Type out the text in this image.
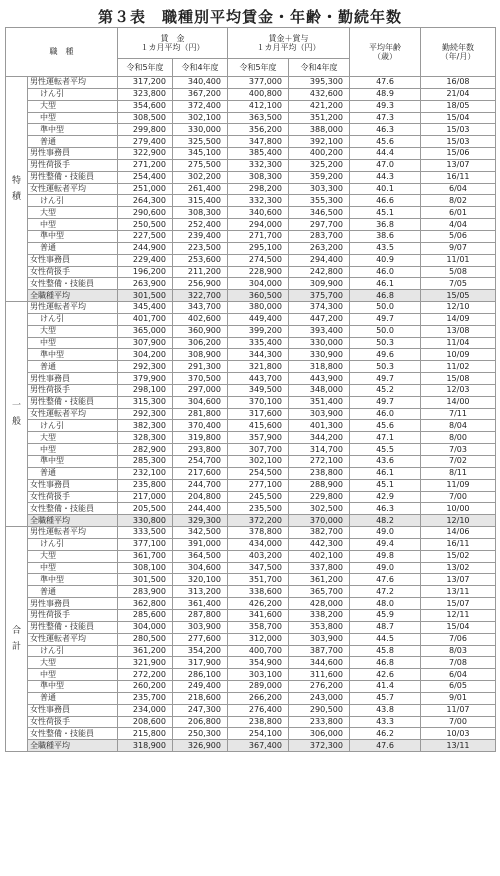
第３表　職種別平均賃金・年齢・勤続年数
職　種		賃　金
１カ月平均（円）		賃金＋賞与
１カ月平均（円）		平均年齢
（歳）	勤続年数
（年/月）
		令和5年度	令和4年度	令和5年度	令和4年度		
特
積	男性運転者平均	317,200	340,400	377,000	395,300	47.6	16/08
	けん引	323,800	367,200	400,800	432,600	48.9	21/04
	大型	354,600	372,400	412,100	421,200	49.3	18/05
	中型	308,500	302,100	363,500	351,200	47.3	15/04
	準中型	299,800	330,000	356,200	388,000	46.3	15/03
	普通	279,400	325,500	347,800	392,100	45.6	15/03
	男性事務員	322,900	345,100	385,400	400,200	44.4	15/06
	男性荷扱手	271,200	275,500	332,300	325,200	47.0	13/07
	男性整備・技能員	254,400	302,200	308,300	359,200	44.3	16/11
	女性運転者平均	251,000	261,400	298,200	303,300	40.1	6/04
	けん引	264,300	315,400	332,300	355,300	46.6	8/02
	大型	290,600	308,300	340,600	346,500	45.1	6/01
	中型	250,500	252,400	294,000	297,700	36.8	4/04
	準中型	227,500	239,400	271,700	283,700	38.6	5/06
	普通	244,900	223,500	295,100	263,200	43.5	9/07
	女性事務員	229,400	253,600	274,500	294,400	40.9	11/01
	女性荷扱手	196,200	211,200	228,900	242,800	46.0	5/08
	女性整備・技能員	263,900	256,900	304,000	309,900	46.1	7/05
	全職種平均	301,500	322,700	360,500	375,700	46.8	15/05
一
般	男性運転者平均	345,400	343,700	380,000	374,300	50.0	12/10
	けん引	401,700	402,600	449,400	447,200	49.7	14/09
	大型	365,000	360,900	399,200	393,400	50.0	13/08
	中型	307,900	306,200	335,400	330,000	50.3	11/04
	準中型	304,200	308,900	344,300	330,900	49.6	10/09
	普通	292,300	291,300	321,800	318,800	50.3	11/02
	男性事務員	379,900	370,500	443,700	443,900	49.7	15/08
	男性荷扱手	298,100	297,000	349,500	348,000	45.2	12/03
	男性整備・技能員	315,300	304,600	370,100	351,400	49.7	14/00
	女性運転者平均	292,300	281,800	317,600	303,900	46.0	7/11
	けん引	382,300	370,400	415,600	401,300	45.6	8/04
	大型	328,300	319,800	357,900	344,200	47.1	8/00
	中型	282,900	293,800	307,700	314,700	45.5	7/03
	準中型	285,300	254,700	302,100	272,100	43.6	7/02
	普通	232,100	217,600	254,500	238,800	46.1	8/11
	女性事務員	235,800	244,700	277,100	288,900	45.1	11/09
	女性荷扱手	217,000	204,800	245,500	229,800	42.9	7/00
	女性整備・技能員	205,500	244,400	235,500	302,500	46.3	10/00
	全職種平均	330,800	329,300	372,200	370,000	48.2	12/10
合
計	男性運転者平均	333,500	342,500	378,800	382,700	49.0	14/06
	けん引	377,100	391,000	434,000	442,300	49.4	16/11
	大型	361,700	364,500	403,200	402,100	49.8	15/02
	中型	308,100	304,600	347,500	337,800	49.0	13/02
	準中型	301,500	320,100	351,700	361,200	47.6	13/07
	普通	283,900	313,200	338,600	365,700	47.2	13/11
	男性事務員	362,800	361,400	426,200	428,000	48.0	15/07
	男性荷扱手	285,600	287,800	341,600	338,200	45.9	12/11
	男性整備・技能員	304,000	303,900	358,700	353,800	48.7	15/04
	女性運転者平均	280,500	277,600	312,000	303,900	44.5	7/06
	けん引	361,200	354,200	400,700	387,700	45.8	8/03
	大型	321,900	317,900	354,900	344,600	46.8	7/08
	中型	272,200	286,100	303,100	311,600	42.6	6/04
	準中型	260,200	249,400	289,000	276,200	41.4	6/05
	普通	235,700	218,600	266,200	243,000	45.7	9/01
	女性事務員	234,000	247,300	276,400	290,500	43.8	11/07
	女性荷扱手	208,600	206,800	238,800	233,800	43.3	7/00
	女性整備・技能員	215,800	250,300	254,100	306,000	46.2	10/03
	全職種平均	318,900	326,900	367,400	372,300	47.6	13/11
